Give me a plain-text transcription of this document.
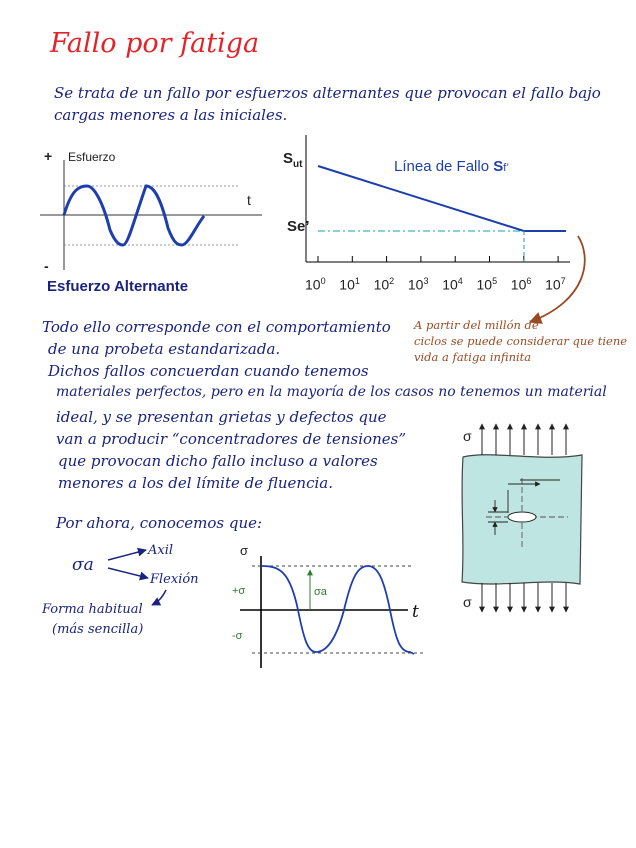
Fallo por fatiga
Se trata de un fallo por esfuerzos alternantes que provocan el fallo bajo
cargas menores a las iniciales.
+ Esfuerzo
t
-
Esfuerzo Alternante
$S_{ut}$
Se’
Línea de Fallo Sf’
$10^0$ $10^1$ $10^2$ $10^3$ $10^4$ $10^5$ $10^6$ $10^7$
A partir del millón de
ciclos se puede considerar que tiene
vida a fatiga infinita
Todo ello corresponde con el comportamiento
de una probeta estandarizada.
Dichos fallos concuerdan cuando tenemos
materiales perfectos, pero en la mayoría de los casos no tenemos un material
ideal, y se presentan grietas y defectos que
van a producir “concentradores de tensiones”
que provocan dicho fallo incluso a valores
menores a los del límite de fluencia.
Por ahora, conocemos que:
σa
Axil
Flexión
Forma habitual
(más sencilla)
σ
+σ
-σ
σa
t
σ
σ
